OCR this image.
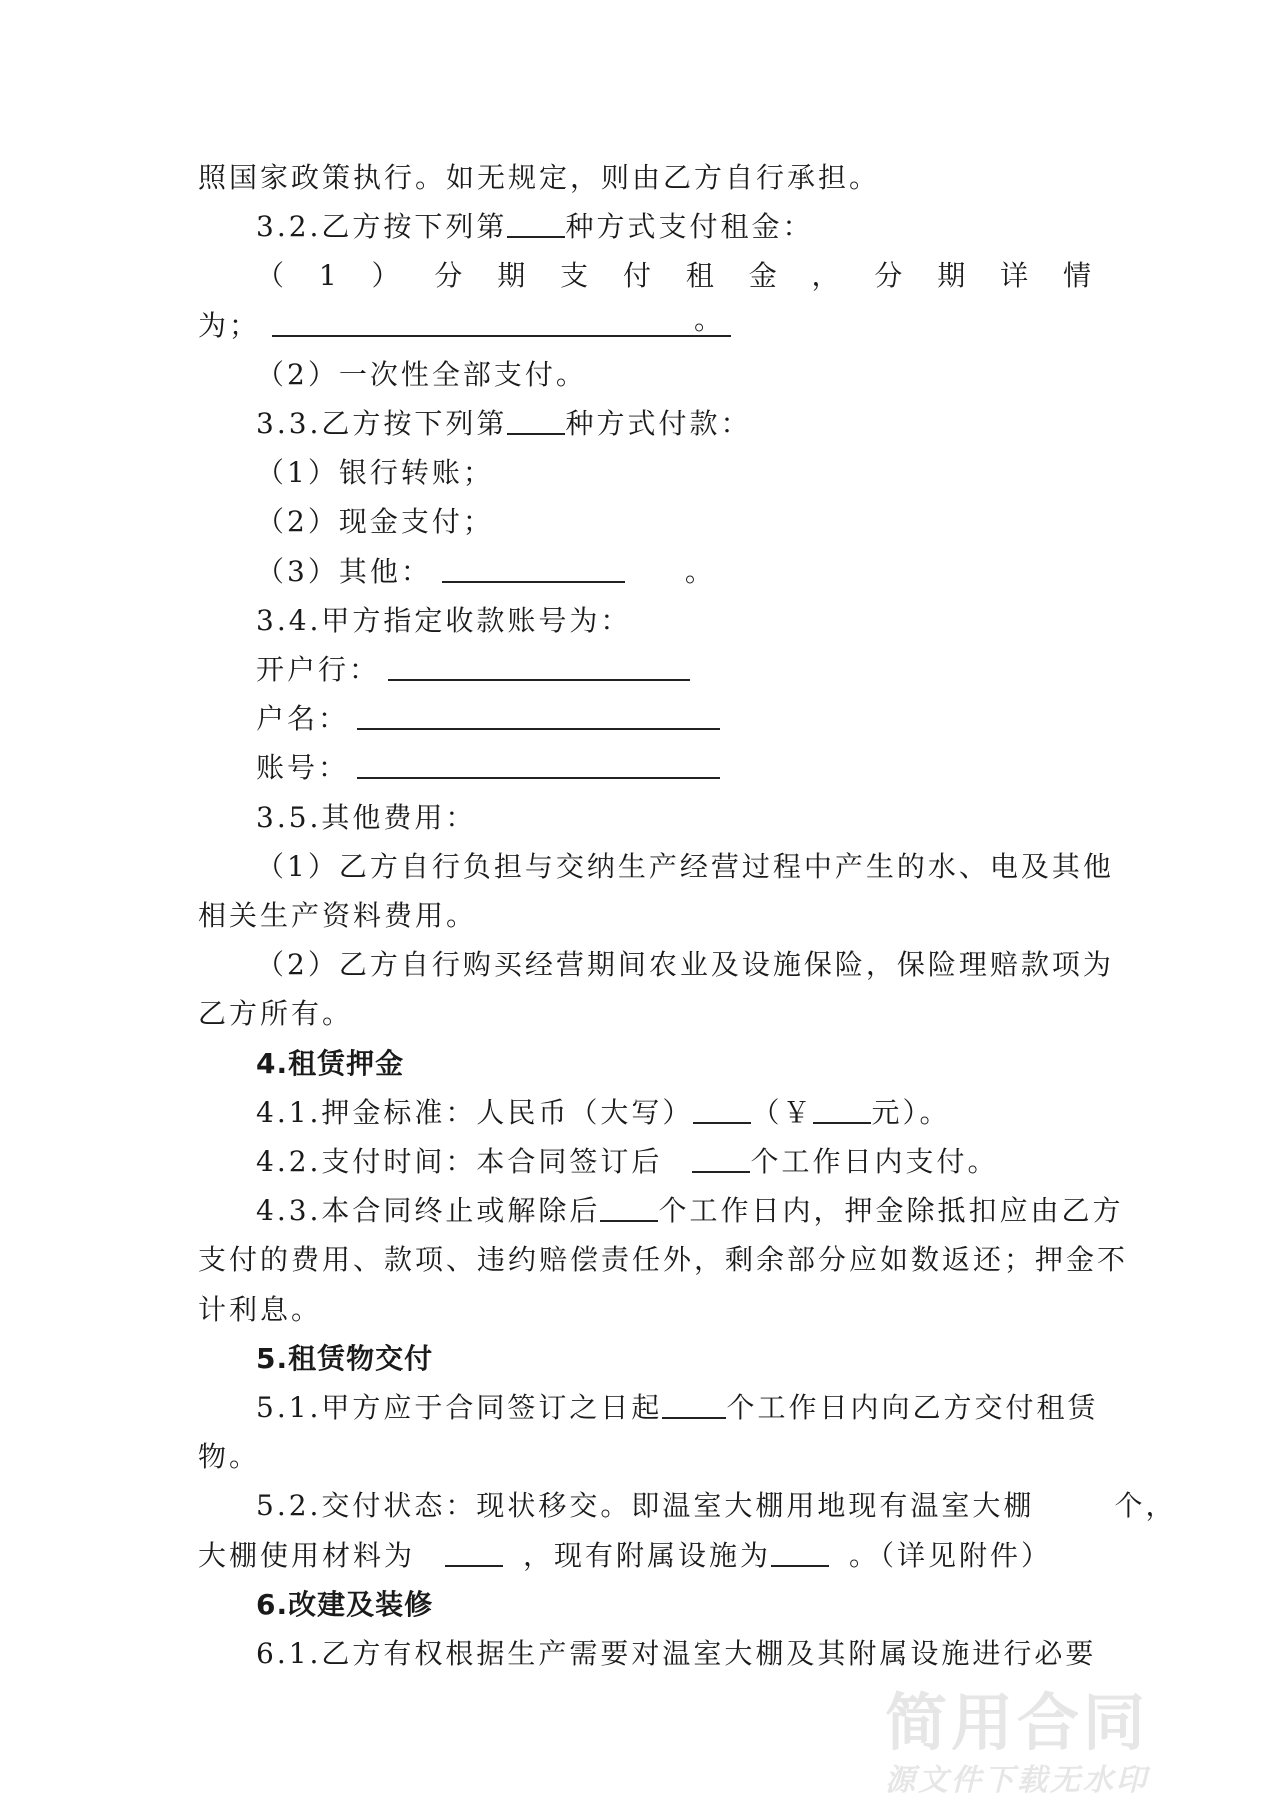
简用合同
源文件下载无水印
照国家政策执行。如无规定，则由乙方自行承担。
3.2.乙方按下列第 种方式支付租金：
（ 1 ） 分 期 支 付 租 金 ， 分 期 详 情
为；	。
（2）一次性全部支付。
3.3.乙方按下列第 种方式付款：
（1）银行转账；
（2）现金支付；
（3）其他：	。
3.4.甲方指定收款账号为：
开户行：
户名：
账号：
3.5.其他费用：
（1）乙方自行负担与交纳生产经营过程中产生的水、电及其他
相关生产资料费用。
（2）乙方自行购买经营期间农业及设施保险，保险理赔款项为
乙方所有。
4.租赁押金
4.1.押金标准：人民币（大写） （￥ 元）。
4.2.支付时间：本合同签订后	个工作日内支付。
4.3.本合同终止或解除后 个工作日内，押金除抵扣应由乙方
支付的费用、款项、违约赔偿责任外，剩余部分应如数返还；押金不
计利息。
5.租赁物交付
5.1.甲方应于合同签订之日起 个工作日内向乙方交付租赁
物。
5.2.交付状态：现状移交。即温室大棚用地现有温室大棚	个，
大棚使用材料为	，现有附属设施为	。（详见附件）
6.改建及装修
6.1.乙方有权根据生产需要对温室大棚及其附属设施进行必要
